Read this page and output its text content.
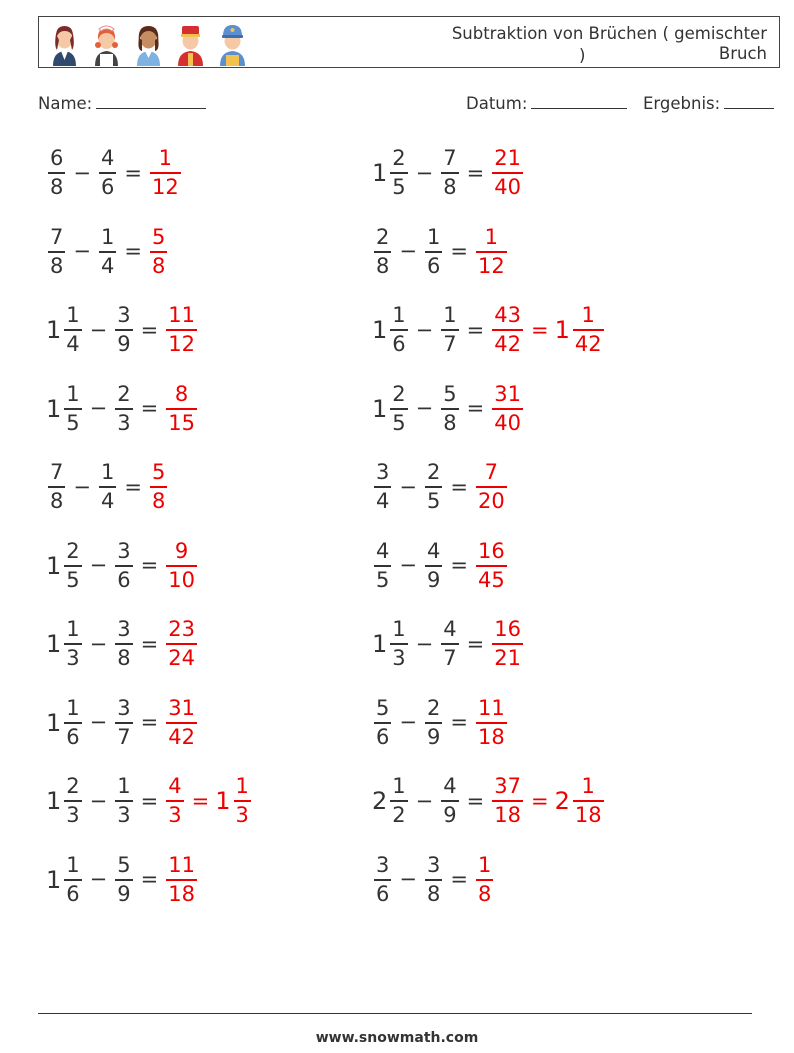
Subtraktion von Brüchen ( gemischter Bruch
)
Name:	Datum:	Ergebnis:
$\frac{6}{8} - \frac{4}{6} = \frac{1}{12}$
$\frac{7}{8} - \frac{1}{4} = \frac{5}{8}$
$1 \frac{1}{4} - \frac{3}{9} = \frac{11}{12}$
$1 \frac{1}{5} - \frac{2}{3} = \frac{8}{15}$
$\frac{7}{8} - \frac{1}{4} = \frac{5}{8}$
$1 \frac{2}{5} - \frac{3}{6} = \frac{9}{10}$
$1 \frac{1}{3} - \frac{3}{8} = \frac{23}{24}$
$1 \frac{1}{6} - \frac{3}{7} = \frac{31}{42}$
$1 \frac{2}{3} - \frac{1}{3} = \frac{4}{3} = 1 \frac{1}{3}$
$1 \frac{1}{6} - \frac{5}{9} = \frac{11}{18}$
$1 \frac{2}{5} - \frac{7}{8} = \frac{21}{40}$
$\frac{2}{8} - \frac{1}{6} = \frac{1}{12}$
$1 \frac{1}{6} - \frac{1}{7} = \frac{43}{42} = 1 \frac{1}{42}$
$1 \frac{2}{5} - \frac{5}{8} = \frac{31}{40}$
$\frac{3}{4} - \frac{2}{5} = \frac{7}{20}$
$\frac{4}{5} - \frac{4}{9} = \frac{16}{45}$
$1 \frac{1}{3} - \frac{4}{7} = \frac{16}{21}$
$\frac{5}{6} - \frac{2}{9} = \frac{11}{18}$
$2 \frac{1}{2} - \frac{4}{9} = \frac{37}{18} = 2 \frac{1}{18}$
$\frac{3}{6} - \frac{3}{8} = \frac{1}{8}$
www.snowmath.com
